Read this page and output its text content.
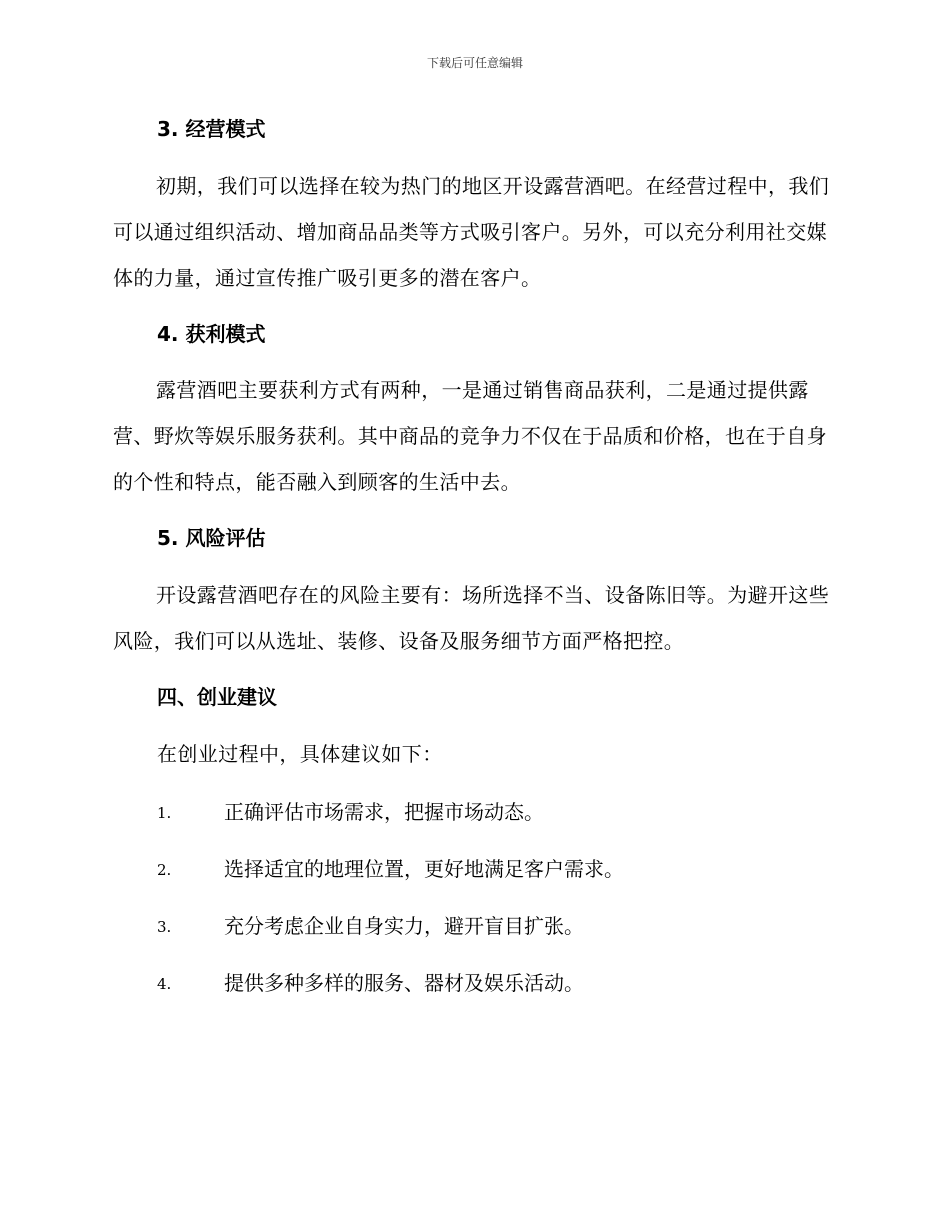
下载后可任意编辑
3. 经营模式

初期，我们可以选择在较为热门的地区开设露营酒吧。在经营过程中，我们可以通过组织活动、增加商品品类等方式吸引客户。另外，可以充分利用社交媒体的力量，通过宣传推广吸引更多的潜在客户。

4. 获利模式

露营酒吧主要获利方式有两种，一是通过销售商品获利，二是通过提供露营、野炊等娱乐服务获利。其中商品的竞争力不仅在于品质和价格，也在于自身的个性和特点，能否融入到顾客的生活中去。

5. 风险评估

开设露营酒吧存在的风险主要有：场所选择不当、设备陈旧等。为避开这些风险，我们可以从选址、装修、设备及服务细节方面严格把控。

四、创业建议

在创业过程中，具体建议如下：

1.	正确评估市场需求，把握市场动态。
2.	选择适宜的地理位置，更好地满足客户需求。
3.	充分考虑企业自身实力，避开盲目扩张。
4.	提供多种多样的服务、器材及娱乐活动。
